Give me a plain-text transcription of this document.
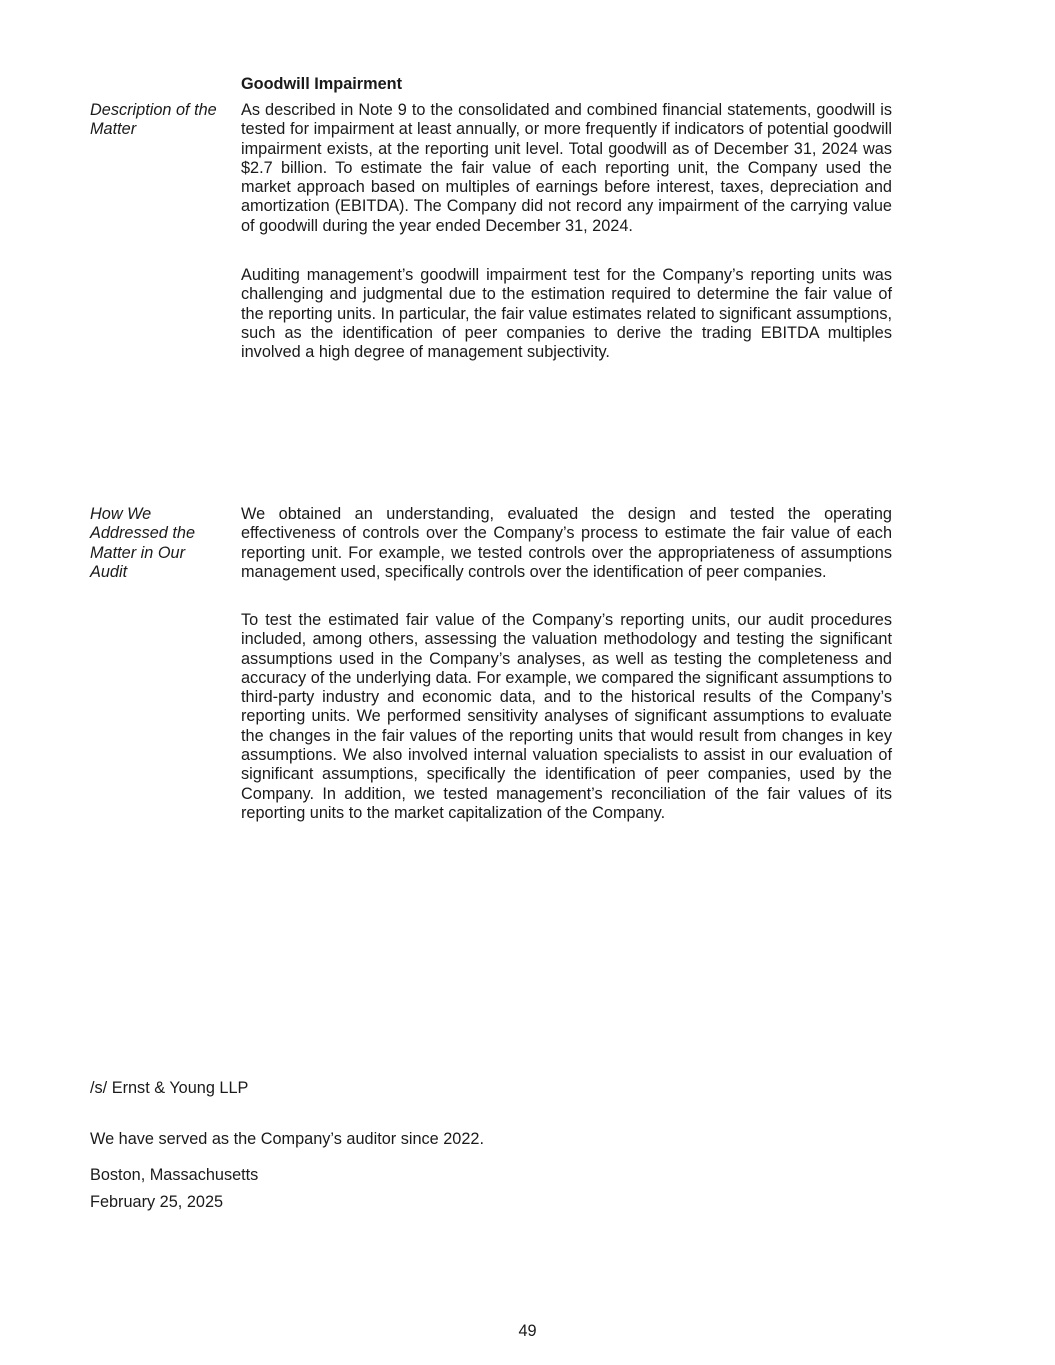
Goodwill Impairment
Description of the Matter

As described in Note 9 to the consolidated and combined financial statements, goodwill is tested for impairment at least annually, or more frequently if indicators of potential goodwill impairment exists, at the reporting unit level. Total goodwill as of December 31, 2024 was $2.7 billion. To estimate the fair value of each reporting unit, the Company used the market approach based on multiples of earnings before interest, taxes, depreciation and amortization (EBITDA). The Company did not record any impairment of the carrying value of goodwill during the year ended December 31, 2024.

Auditing management’s goodwill impairment test for the Company’s reporting units was challenging and judgmental due to the estimation required to determine the fair value of the reporting units. In particular, the fair value estimates related to significant assumptions, such as the identification of peer companies to derive the trading EBITDA multiples involved a high degree of management subjectivity.

How We Addressed the Matter in Our Audit

We obtained an understanding, evaluated the design and tested the operating effectiveness of controls over the Company’s process to estimate the fair value of each reporting unit. For example, we tested controls over the appropriateness of assumptions management used, specifically controls over the identification of peer companies.

To test the estimated fair value of the Company’s reporting units, our audit procedures included, among others, assessing the valuation methodology and testing the significant assumptions used in the Company’s analyses, as well as testing the completeness and accuracy of the underlying data. For example, we compared the significant assumptions to third-party industry and economic data, and to the historical results of the Company’s reporting units. We performed sensitivity analyses of significant assumptions to evaluate the changes in the fair values of the reporting units that would result from changes in key assumptions. We also involved internal valuation specialists to assist in our evaluation of significant assumptions, specifically the identification of peer companies, used by the Company. In addition, we tested management’s reconciliation of the fair values of its reporting units to the market capitalization of the Company.

/s/ Ernst & Young LLP
We have served as the Company’s auditor since 2022.
Boston, Massachusetts
February 25, 2025
49
